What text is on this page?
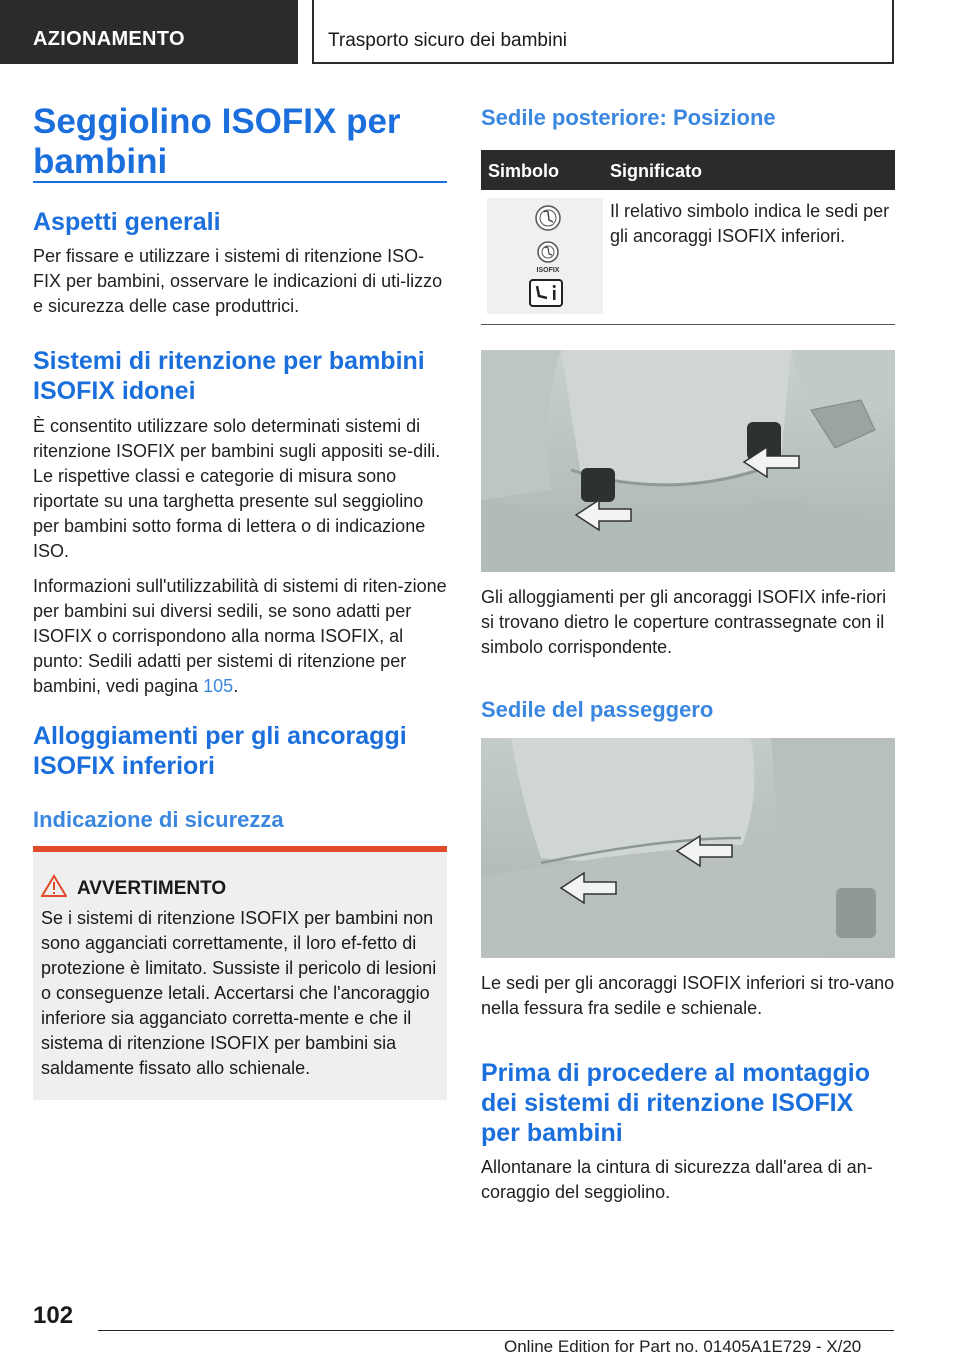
AZIONAMENTO	Trasporto sicuro dei bambini
Seggiolino ISOFIX per bambini
Aspetti generali

Per fissare e utilizzare i sistemi di ritenzione ISO-FIX per bambini, osservare le indicazioni di uti-lizzo e sicurezza delle case produttrici.

Sistemi di ritenzione per bambini ISOFIX idonei

È consentito utilizzare solo determinati sistemi di ritenzione ISOFIX per bambini sugli appositi se-dili. Le rispettive classi e categorie di misura sono riportate su una targhetta presente sul seggiolino per bambini sotto forma di lettera o di indicazione ISO.

Informazioni sull'utilizzabilità di sistemi di riten-zione per bambini sui diversi sedili, se sono adatti per ISOFIX o corrispondono alla norma ISOFIX, al punto: Sedili adatti per sistemi di ritenzione per bambini, vedi pagina 105.

Alloggiamenti per gli ancoraggi ISOFIX inferiori
Indicazione di sicurezza
AVVERTIMENTO

Se i sistemi di ritenzione ISOFIX per bambini non sono agganciati correttamente, il loro ef-fetto di protezione è limitato. Sussiste il pericolo di lesioni o conseguenze letali. Accertarsi che l'ancoraggio inferiore sia agganciato corretta-mente e che il sistema di ritenzione ISOFIX per bambini sia saldamente fissato allo schienale.

Sedile posteriore: Posizione
Simbolo	Significato
ISOFIX

Il relativo simbolo indica le sedi per gli ancoraggi ISOFIX inferiori.

Gli alloggiamenti per gli ancoraggi ISOFIX infe-riori si trovano dietro le coperture contrassegnate con il simbolo corrispondente.

Sedile del passeggero

Le sedi per gli ancoraggi ISOFIX inferiori si tro-vano nella fessura fra sedile e schienale.

Prima di procedere al montaggio dei sistemi di ritenzione ISOFIX per bambini

Allontanare la cintura di sicurezza dall'area di an-coraggio del seggiolino.

102
Online Edition for Part no. 01405A1E729 - X/20
